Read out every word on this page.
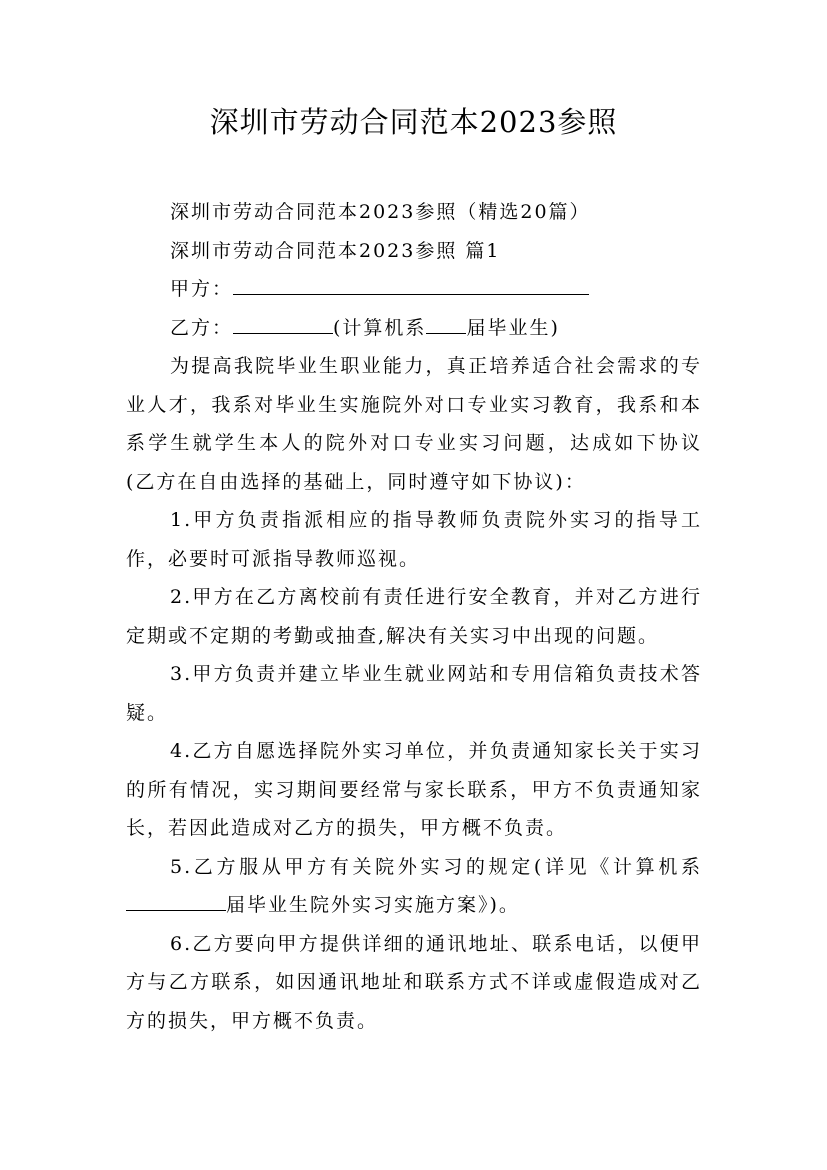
深圳市劳动合同范本2023参照

深圳市劳动合同范本2023参照（精选20篇）

深圳市劳动合同范本2023参照 篇1

甲方：

乙方：	(计算机系 届毕业生)

为提高我院毕业生职业能力，真正培养适合社会需求的专业人才，我系对毕业生实施院外对口专业实习教育，我系和本系学生就学生本人的院外对口专业实习问题，达成如下协议(乙方在自由选择的基础上，同时遵守如下协议)：

1.甲方负责指派相应的指导教师负责院外实习的指导工作，必要时可派指导教师巡视。

2.甲方在乙方离校前有责任进行安全教育，并对乙方进行定期或不定期的考勤或抽查,解决有关实习中出现的问题。

3.甲方负责并建立毕业生就业网站和专用信箱负责技术答疑。

4.乙方自愿选择院外实习单位，并负责通知家长关于实习的所有情况，实习期间要经常与家长联系，甲方不负责通知家长，若因此造成对乙方的损失，甲方概不负责。

5.乙方服从甲方有关院外实习的规定(详见《计算机系届毕业生院外实习实施方案》)。

6.乙方要向甲方提供详细的通讯地址、联系电话，以便甲方与乙方联系，如因通讯地址和联系方式不详或虚假造成对乙方的损失，甲方概不负责。
